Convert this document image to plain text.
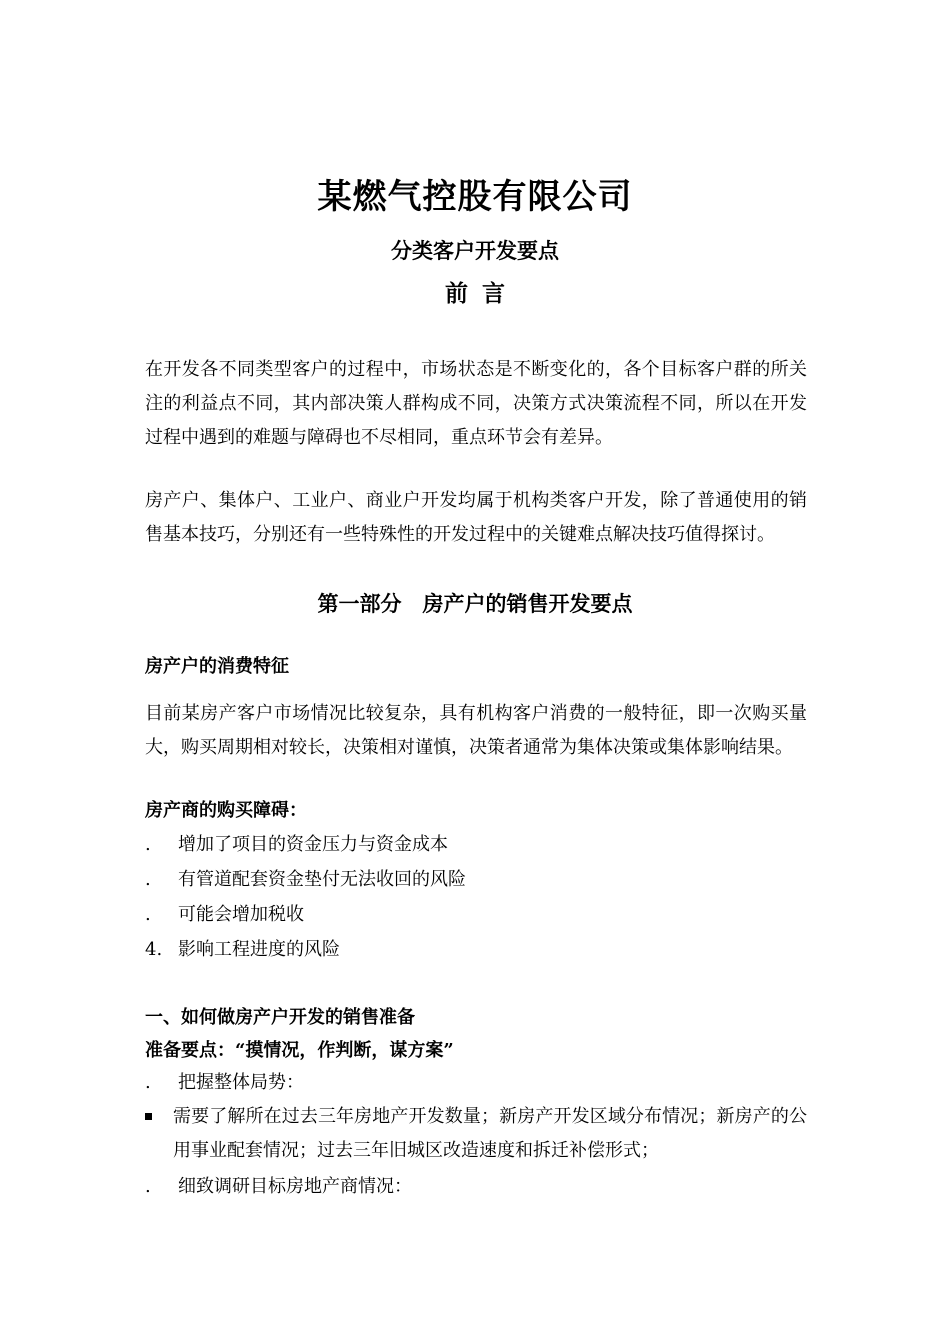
某燃气控股有限公司
分类客户开发要点
前言

在开发各不同类型客户的过程中，市场状态是不断变化的，各个目标客户群的所关注的利益点不同，其内部决策人群构成不同，决策方式决策流程不同，所以在开发过程中遇到的难题与障碍也不尽相同，重点环节会有差异。

房产户、集体户、工业户、商业户开发均属于机构类客户开发，除了普通使用的销售基本技巧，分别还有一些特殊性的开发过程中的关键难点解决技巧值得探讨。

第一部分　房产户的销售开发要点

房产户的消费特征

目前某房产客户市场情况比较复杂，具有机构客户消费的一般特征，即一次购买量大，购买周期相对较长，决策相对谨慎，决策者通常为集体决策或集体影响结果。

房产商的购买障碍：

.	增加了项目的资金压力与资金成本
.	有管道配套资金垫付无法收回的风险
.	可能会增加税收
4. 影响工程进度的风险

一、如何做房产户开发的销售准备

准备要点：“摸情况，作判断，谋方案”

.	把握整体局势：
需要了解所在过去三年房地产开发数量；新房产开发区域分布情况；新房产的公用事业配套情况；过去三年旧城区改造速度和拆迁补偿形式；
.	细致调研目标房地产商情况：
